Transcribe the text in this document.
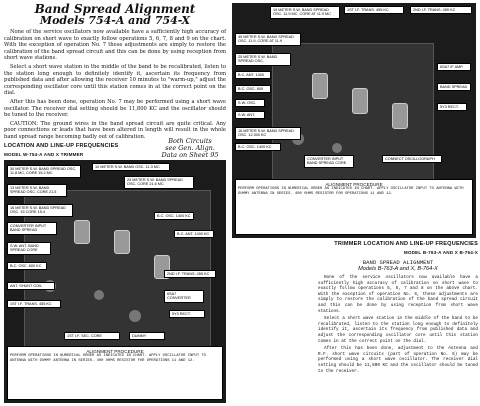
Band Spread Alignment
Models 754-A and 754-X
None of the service oscillators now available have a sufficiently high accuracy of calibration on short wave to exactly follow operations 5, 6, 7, 8 and 9 on the chart. With the exception of operation No. 7 these adjustments are simply to restore the calibration of the band spread circuit and this can be done by using reception from short wave stations.
Select a short wave station in the middle of the band to be recalibrated, listen to the station long enough to definitely identify it, ascertain its frequency from published data and after allowing the receiver 10 minutes to "warm-up," adjust the corresponding oscillator core until this station comes in at the correct point on the dial.
After this has been done, operation No. 7 may be performed using a short wave oscillator. The receiver dial setting should be 11,800 KC and the oscillator should be tuned to the receiver.
CAUTION: The ground wires in the band spread circuit are quite critical. Any poor connections or leads that have been altered in length will result in the whole band spread range becoming badly out of calibration.
Both Circuits
see Gen. Align.
Data on Sheet 95
LOCATION AND LINE-UP FREQUENCIES
MODEL W-754-A AND X TRIMMER
10 METER S.W. BAND OSC. 11.3 MC
30 METER S.W. BAND SPREAD OSC. 11.8 MC, CORE 15.2 MC
25 METER S.W. BAND SPREAD OSC. CORE 21.6 MC
13 METER S.W. BAND SPREAD OSC. CORE 21.5
16 METER S.W. BAND SPREAD OSC. 15 CORE 15.4
CONVERTER INPUT BAND SPREAD
S.W. ANT. BAND SPREAD CORE
B.C. OSC. 1400 KC
B.C. ANT. 1400 KC
B.C. OSC. 600 KC
ANT. SHUNT COIL
1ST I.F. TRANS. 455 KC
2ND I.F. TRANS. 455 KC
6SA7 CONVERTER
5Y3 RECT.
1ST I.F. SEC. CORE	DUMMY
ALIGNMENT PROCEDURE
PERFORM OPERATIONS IN NUMERICAL ORDER AS INDICATED IN CHART. APPLY OSCILLATOR INPUT TO ANTENNA WITH DUMMY ANTENNA IN SERIES. 400 OHMS RESISTOR FOR OPERATIONS 11 AND 12.
19 METER S.W. BAND SPREAD OSC. 11.9 MC, CORE AT 11.9 MC
1ST I.F. TRANS. 455 KC	2ND I.F. TRANS. 455 KC
45 METER S.W. BAND SPREAD OSC. 11.9, CORE AT 11.9
25 METER S.W. BAND SPREAD OSC.
B.C. ANT. 1400
B.C. OSC. 600
S.W. OSC.
S.W. ANT.
16 METER S.W. BAND SPREAD OSC. 12,300 KC
B.C. OSC. 1400 KC
CONVERTER INPUT BAND SPREAD CORE
6SA7 IF AMP.
BAND SPREAD
5Y3 RECT.
CONNECT OSCILLOGRAPH
ALIGNMENT PROCEDURE
PERFORM OPERATIONS IN NUMERICAL ORDER AS INDICATED IN CHART. APPLY OSCILLATOR INPUT TO ANTENNA WITH DUMMY ANTENNA IN SERIES. 400 OHMS RESISTOR FOR OPERATIONS 11 AND 12.
TRIMMER LOCATION AND LINE-UP FREQUENCIES
MODEL B-763-A AND X B-764-X
BAND SPREAD ALIGNMENT
Models B-763-A and X, B-764-X
None of the service oscillators now available have a sufficiently high accuracy of calibration on short wave to exactly follow operations 5, 6, 7 and 8 on the above chart. With the exception of operation No. 6, these adjustments are simply to restore the calibration of the band spread circuit and this can be done by using reception from short wave stations.
Select a short wave station in the middle of the band to be recalibrated, listen to the station long enough to definitely identify it, ascertain its frequency from published data and adjust the corresponding oscillator core until this station comes in at the correct point on the dial.
After this has been done, adjustment to the Antenna and R.F. short wave circuits (part of operation No. 6) may be performed using a short wave oscillator. The receiver dial setting should be 11,800 KC and the oscillator should be tuned to the receiver.
